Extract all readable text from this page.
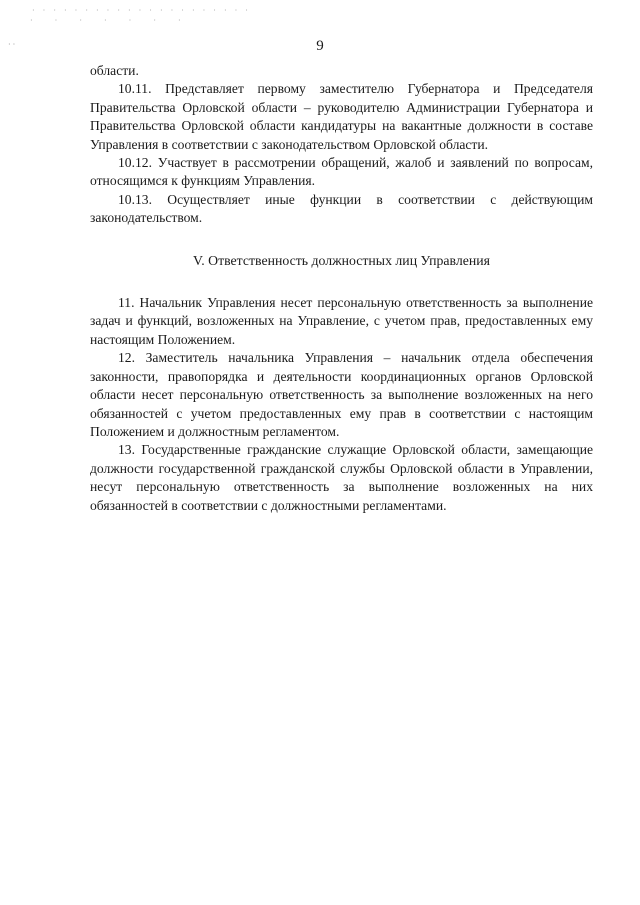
· · · · · · · · · · · · · · · · · · · · ·
· · · · · · ·
· ·	9

области.

10.11. Представляет первому заместителю Губернатора и Председателя Правительства Орловской области – руководителю Администрации Губернатора и Правительства Орловской области кандидатуры на вакантные должности в составе Управления в соответствии с законодательством Орловской области.

10.12. Участвует в рассмотрении обращений, жалоб и заявлений по вопросам, относящимся к функциям Управления.

10.13. Осуществляет иные функции в соответствии с действующим законодательством.

V. Ответственность должностных лиц Управления

11. Начальник Управления несет персональную ответственность за выполнение задач и функций, возложенных на Управление, с учетом прав, предоставленных ему настоящим Положением.

12. Заместитель начальника Управления – начальник отдела обеспечения законности, правопорядка и деятельности координационных органов Орловской области несет персональную ответственность за выполнение возложенных на него обязанностей с учетом предоставленных ему прав в соответствии с настоящим Положением и должностным регламентом.

13. Государственные гражданские служащие Орловской области, замещающие должности государственной гражданской службы Орловской области в Управлении, несут персональную ответственность за выполнение возложенных на них обязанностей в соответствии с должностными регламентами.
